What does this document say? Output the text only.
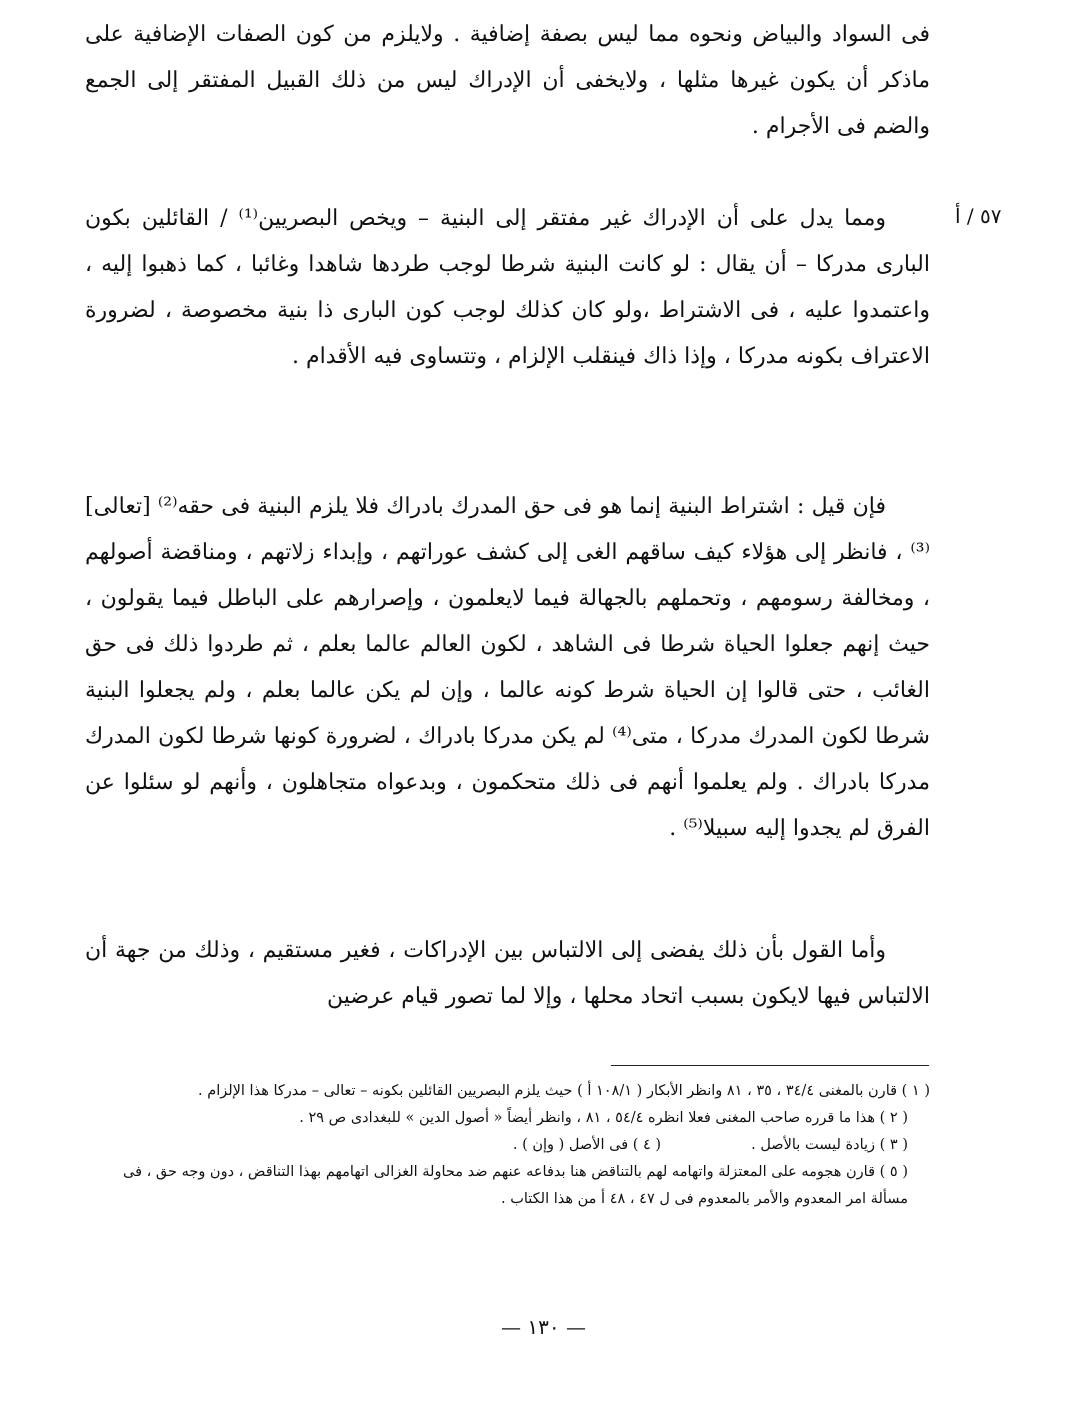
فى السواد والبياض ونحوه مما ليس بصفة إضافية . ولايلزم من كون الصفات الإضافية على ماذكر أن يكون غيرها مثلها ، ولايخفى أن الإدراك ليس من ذلك القبيل المفتقر إلى الجمع والضم فى الأجرام .
٥٧ / أ
ومما يدل على أن الإدراك غير مفتقر إلى البنية – ويخص البصريين⁽¹⁾ / القائلين بكون البارى مدركا – أن يقال : لو كانت البنية شرطا لوجب طردها شاهدا وغائبا ، كما ذهبوا إليه ، واعتمدوا عليه ، فى الاشتراط ،ولو كان كذلك لوجب كون البارى ذا بنية مخصوصة ، لضرورة الاعتراف بكونه مدركا ، وإذا ذاك فينقلب الإلزام ، وتتساوى فيه الأقدام .
فإن قيل : اشتراط البنية إنما هو فى حق المدرك بادراك فلا يلزم البنية فى حقه⁽²⁾ [تعالى]⁽³⁾ ، فانظر إلى هؤلاء كيف ساقهم الغى إلى كشف عوراتهم ، وإبداء زلاتهم ، ومناقضة أصولهم ، ومخالفة رسومهم ، وتحملهم بالجهالة فيما لايعلمون ، وإصرارهم على الباطل فيما يقولون ، حيث إنهم جعلوا الحياة شرطا فى الشاهد ، لكون العالم عالما بعلم ، ثم طردوا ذلك فى حق الغائب ، حتى قالوا إن الحياة شرط كونه عالما ، وإن لم يكن عالما بعلم ، ولم يجعلوا البنية شرطا لكون المدرك مدركا ، متى⁽⁴⁾ لم يكن مدركا بادراك ، لضرورة كونها شرطا لكون المدرك مدركا بادراك . ولم يعلموا أنهم فى ذلك متحكمون ، وبدعواه متجاهلون ، وأنهم لو سئلوا عن الفرق لم يجدوا إليه سبيلا⁽⁵⁾ .
وأما القول بأن ذلك يفضى إلى الالتباس بين الإدراكات ، فغير مستقيم ، وذلك من جهة أن الالتباس فيها لايكون بسبب اتحاد محلها ، وإلا لما تصور قيام عرضين
( ١ ) قارن بالمغنى ٣٤/٤ ، ٣٥ ، ٨١ وانظر الأبكار ( ١٠٨/١ أ ) حيث يلزم البصريين القائلين بكونه – تعالى – مدركا هذا الإلزام .
( ٢ ) هذا ما قرره صاحب المغنى فعلا انظره ٥٤/٤ ، ٨١ ، وانظر أيضاً « أصول الدين » للبغدادى ص ٢٩ .
( ٣ ) زيادة ليست بالأصل .
( ٤ ) فى الأصل ( وإن ) .
( ٥ ) قارن هجومه على المعتزلة واتهامه لهم بالتناقض هنا بدفاعه عنهم ضد محاولة الغزالى اتهامهم بهذا التناقض ، دون وجه حق ، فى مسألة امر المعدوم والأمر بالمعدوم فى ل ٤٧ ، ٤٨ أ من هذا الكتاب .
— ١٣٠ —
